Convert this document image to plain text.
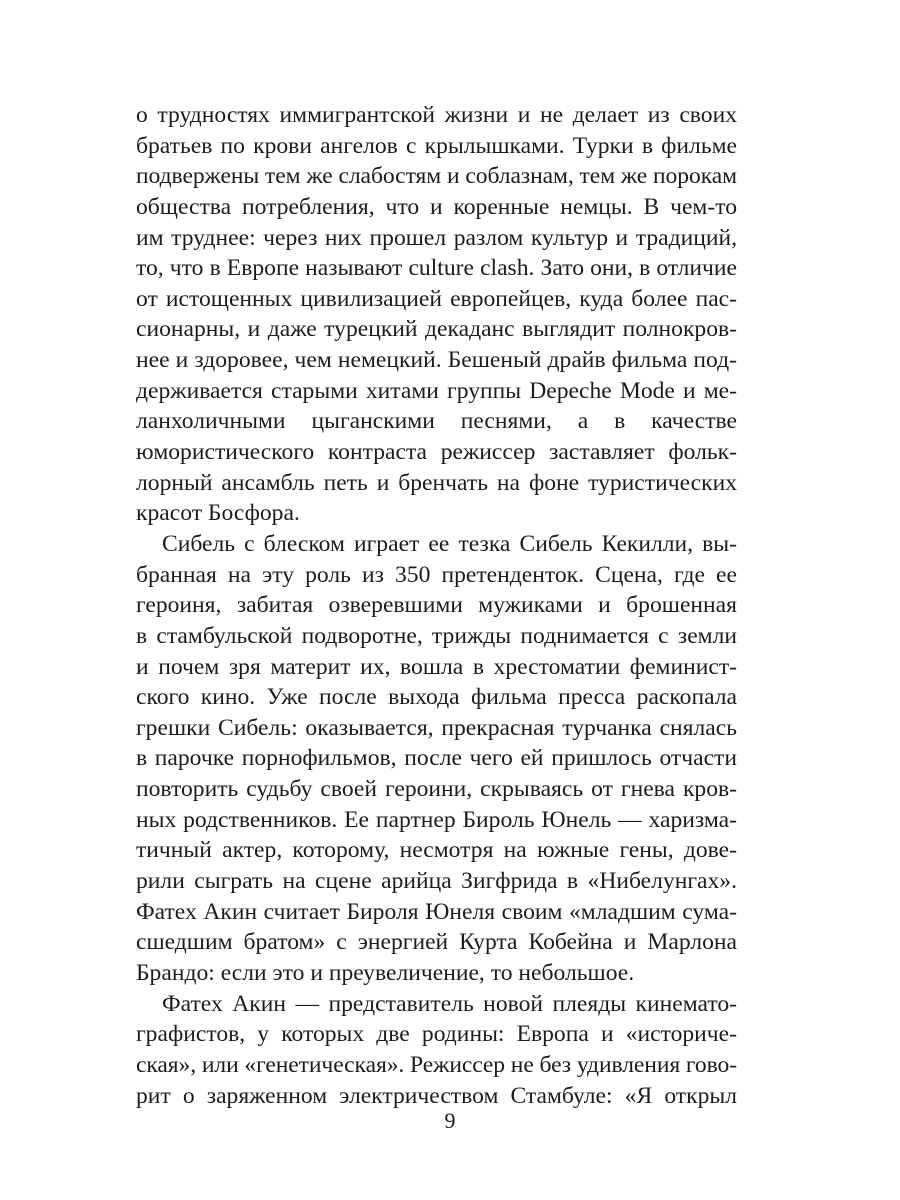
о трудностях иммигрантской жизни и не делает из своих
братьев по крови ангелов с крылышками. Турки в фильме
подвержены тем же слабостям и соблазнам, тем же порокам
общества потребления, что и коренные немцы. В чем-то
им труднее: через них прошел разлом культур и традиций,
то, что в Европе называют culture clash. Зато они, в отличие
от истощенных цивилизацией европейцев, куда более пас-
сионарны, и даже турецкий декаданс выглядит полнокров-
нее и здоровее, чем немецкий. Бешеный драйв фильма под-
держивается старыми хитами группы Depeche Mode и ме-
ланхоличными цыганскими песнями, а в качестве
юмористического контраста режиссер заставляет фольк-
лорный ансамбль петь и бренчать на фоне туристических
красот Босфора.
Сибель с блеском играет ее тезка Сибель Кекилли, вы-
бранная на эту роль из 350 претенденток. Сцена, где ее
героиня, забитая озверевшими мужиками и брошенная
в стамбульской подворотне, трижды поднимается с земли
и почем зря материт их, вошла в хрестоматии феминист-
ского кино. Уже после выхода фильма пресса раскопала
грешки Сибель: оказывается, прекрасная турчанка снялась
в парочке порнофильмов, после чего ей пришлось отчасти
повторить судьбу своей героини, скрываясь от гнева кров-
ных родственников. Ее партнер Бироль Юнель — харизма-
тичный актер, которому, несмотря на южные гены, дове-
рили сыграть на сцене арийца Зигфрида в «Нибелунгах».
Фатех Акин считает Бироля Юнеля своим «младшим сума-
сшедшим братом» с энергией Курта Кобейна и Марлона
Брандо: если это и преувеличение, то небольшое.
Фатех Акин — представитель новой плеяды кинемато-
графистов, у которых две родины: Европа и «историче-
ская», или «генетическая». Режиссер не без удивления гово-
рит о заряженном электричеством Стамбуле: «Я открыл
9
